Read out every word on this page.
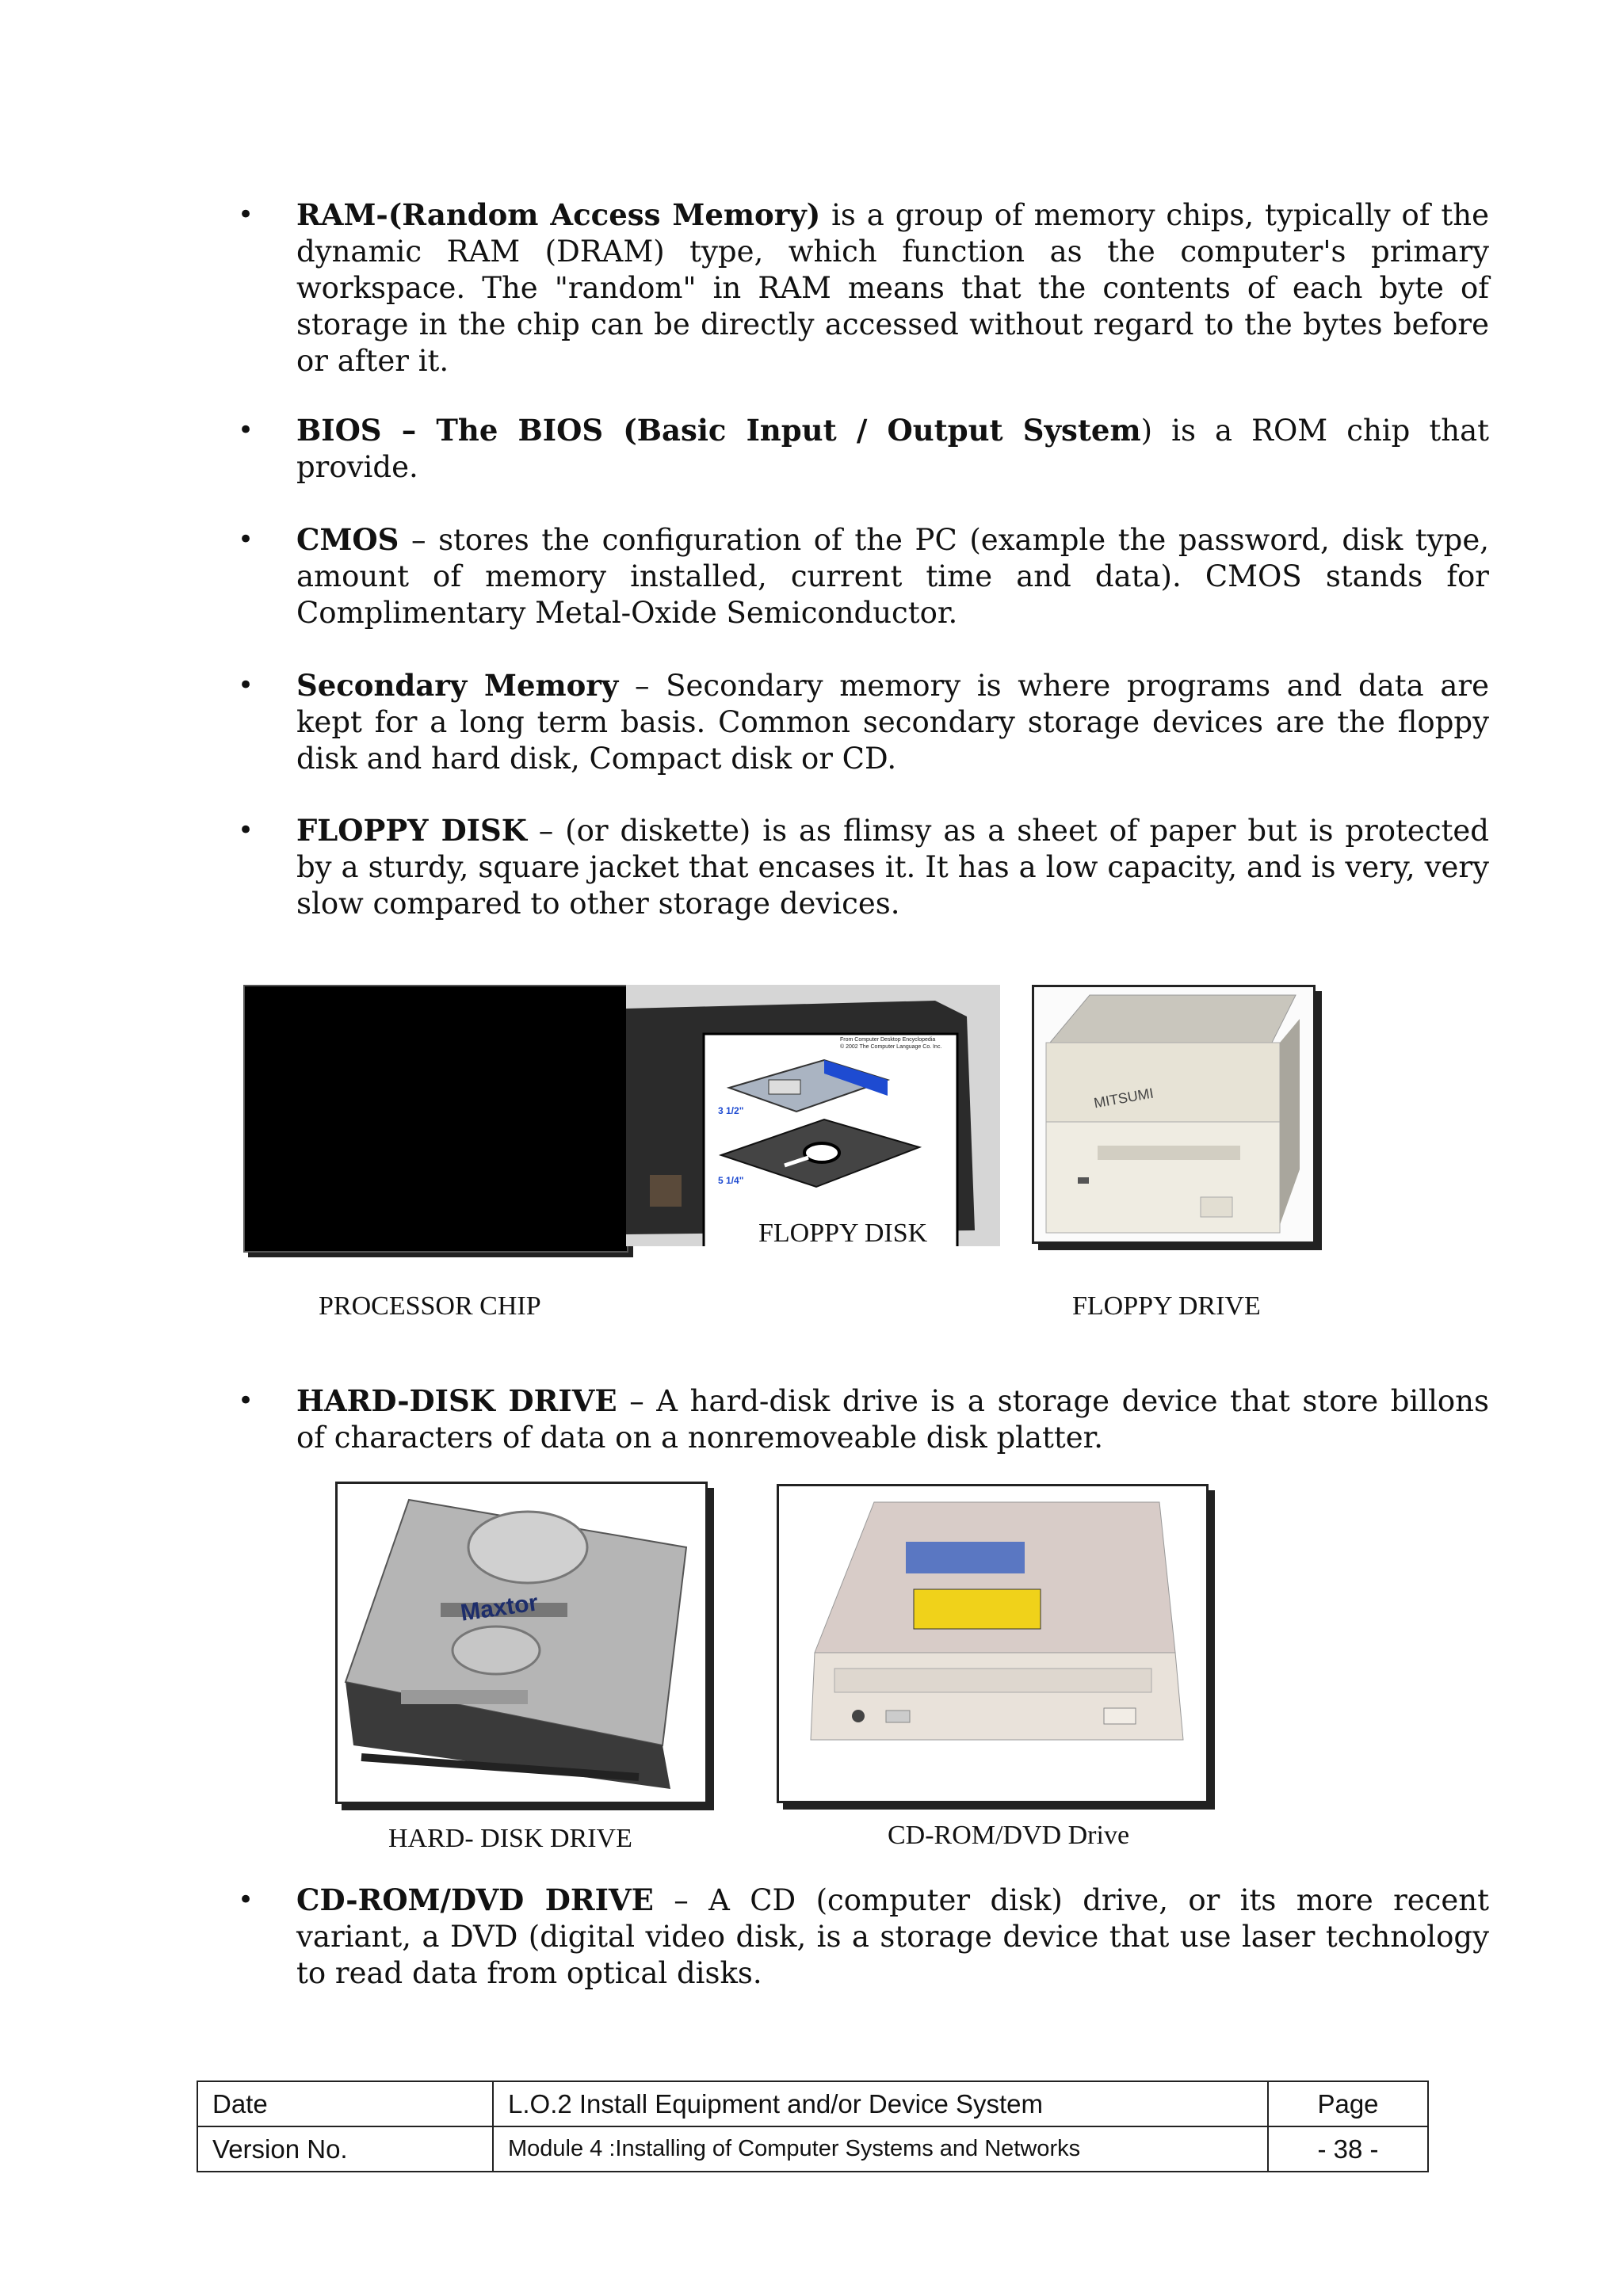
• RAM-(Random Access Memory) is a group of memory chips, typically of the dynamic RAM (DRAM) type, which function as the computer's primary workspace. The "random" in RAM means that the contents of each byte of storage in the chip can be directly accessed without regard to the bytes before or after it.
• BIOS – The BIOS (Basic Input / Output System) is a ROM chip that provide.
• CMOS – stores the configuration of the PC (example the password, disk type, amount of memory installed, current time and data). CMOS stands for Complimentary Metal-Oxide Semiconductor.
• Secondary Memory – Secondary memory is where programs and data are kept for a long term basis. Common secondary storage devices are the floppy disk and hard disk, Compact disk or CD.
• FLOPPY DISK – (or diskette) is as flimsy as a sheet of paper but is protected by a sturdy, square jacket that encases it. It has a low capacity, and is very, very slow compared to other storage devices.
3 1/2"
5 1/4"
From Computer Desktop Encyclopedia
© 2002 The Computer Language Co. Inc.
MITSUMI
FLOPPY DISK
PROCESSOR CHIP	FLOPPY DRIVE
• HARD-DISK DRIVE – A hard-disk drive is a storage device that store billons of characters of data on a nonremoveable disk platter.
Maxtor
HARD- DISK DRIVE	CD-ROM/DVD Drive
• CD-ROM/DVD DRIVE – A CD (computer disk) drive, or its more recent variant, a DVD (digital video disk, is a storage device that use laser technology to read data from optical disks.
Date	L.O.2 Install Equipment and/or Device System	Page
Version No.	Module 4 :Installing of Computer Systems and Networks	- 38 -
